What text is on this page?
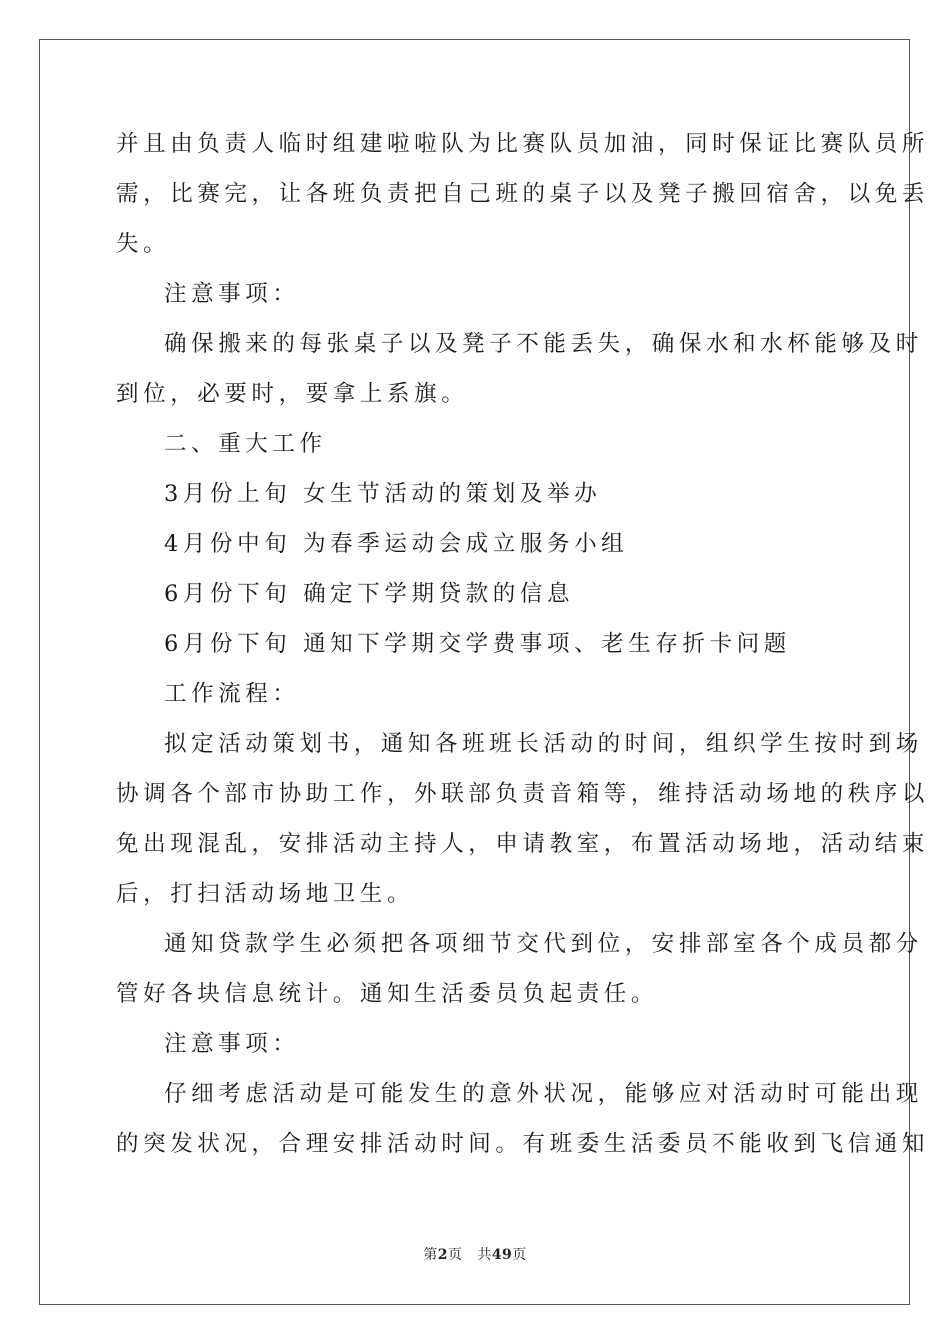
并且由负责人临时组建啦啦队为比赛队员加油，同时保证比赛队员所
需，比赛完，让各班负责把自己班的桌子以及凳子搬回宿舍，以免丢
失。
注意事项：
确保搬来的每张桌子以及凳子不能丢失，确保水和水杯能够及时
到位，必要时，要拿上系旗。
二、重大工作
3月份上旬 女生节活动的策划及举办
4月份中旬 为春季运动会成立服务小组
6月份下旬 确定下学期贷款的信息
6月份下旬 通知下学期交学费事项、老生存折卡问题
工作流程：
拟定活动策划书，通知各班班长活动的时间，组织学生按时到场
协调各个部市协助工作，外联部负责音箱等，维持活动场地的秩序以
免出现混乱，安排活动主持人，申请教室，布置活动场地，活动结束
后，打扫活动场地卫生。
通知贷款学生必须把各项细节交代到位，安排部室各个成员都分
管好各块信息统计。通知生活委员负起责任。
注意事项：
仔细考虑活动是可能发生的意外状况，能够应对活动时可能出现
的突发状况，合理安排活动时间。有班委生活委员不能收到飞信通知
第2页 共49页
